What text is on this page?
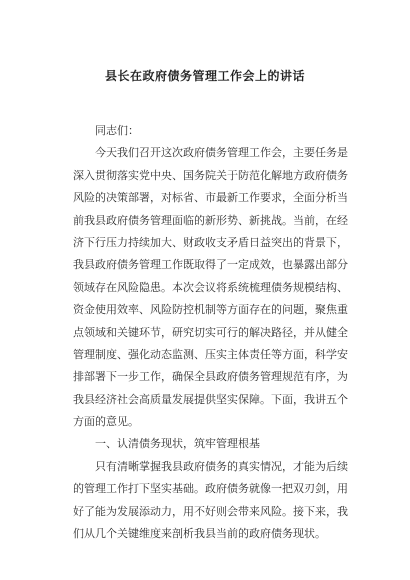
县长在政府债务管理工作会上的讲话

同志们：

今天我们召开这次政府债务管理工作会，主要任务是

深入贯彻落实党中央、国务院关于防范化解地方政府债务

风险的决策部署，对标省、市最新工作要求，全面分析当

前我县政府债务管理面临的新形势、新挑战。当前，在经

济下行压力持续加大、财政收支矛盾日益突出的背景下，

我县政府债务管理工作既取得了一定成效，也暴露出部分

领域存在风险隐患。本次会议将系统梳理债务规模结构、

资金使用效率、风险防控机制等方面存在的问题，聚焦重

点领域和关键环节，研究切实可行的解决路径，并从健全

管理制度、强化动态监测、压实主体责任等方面，科学安

排部署下一步工作，确保全县政府债务管理规范有序，为

我县经济社会高质量发展提供坚实保障。下面，我讲五个

方面的意见。

一、认清债务现状，筑牢管理根基

只有清晰掌握我县政府债务的真实情况，才能为后续

的管理工作打下坚实基础。政府债务就像一把双刃剑，用

好了能为发展添动力，用不好则会带来风险。接下来，我

们从几个关键维度来剖析我县当前的政府债务现状。
